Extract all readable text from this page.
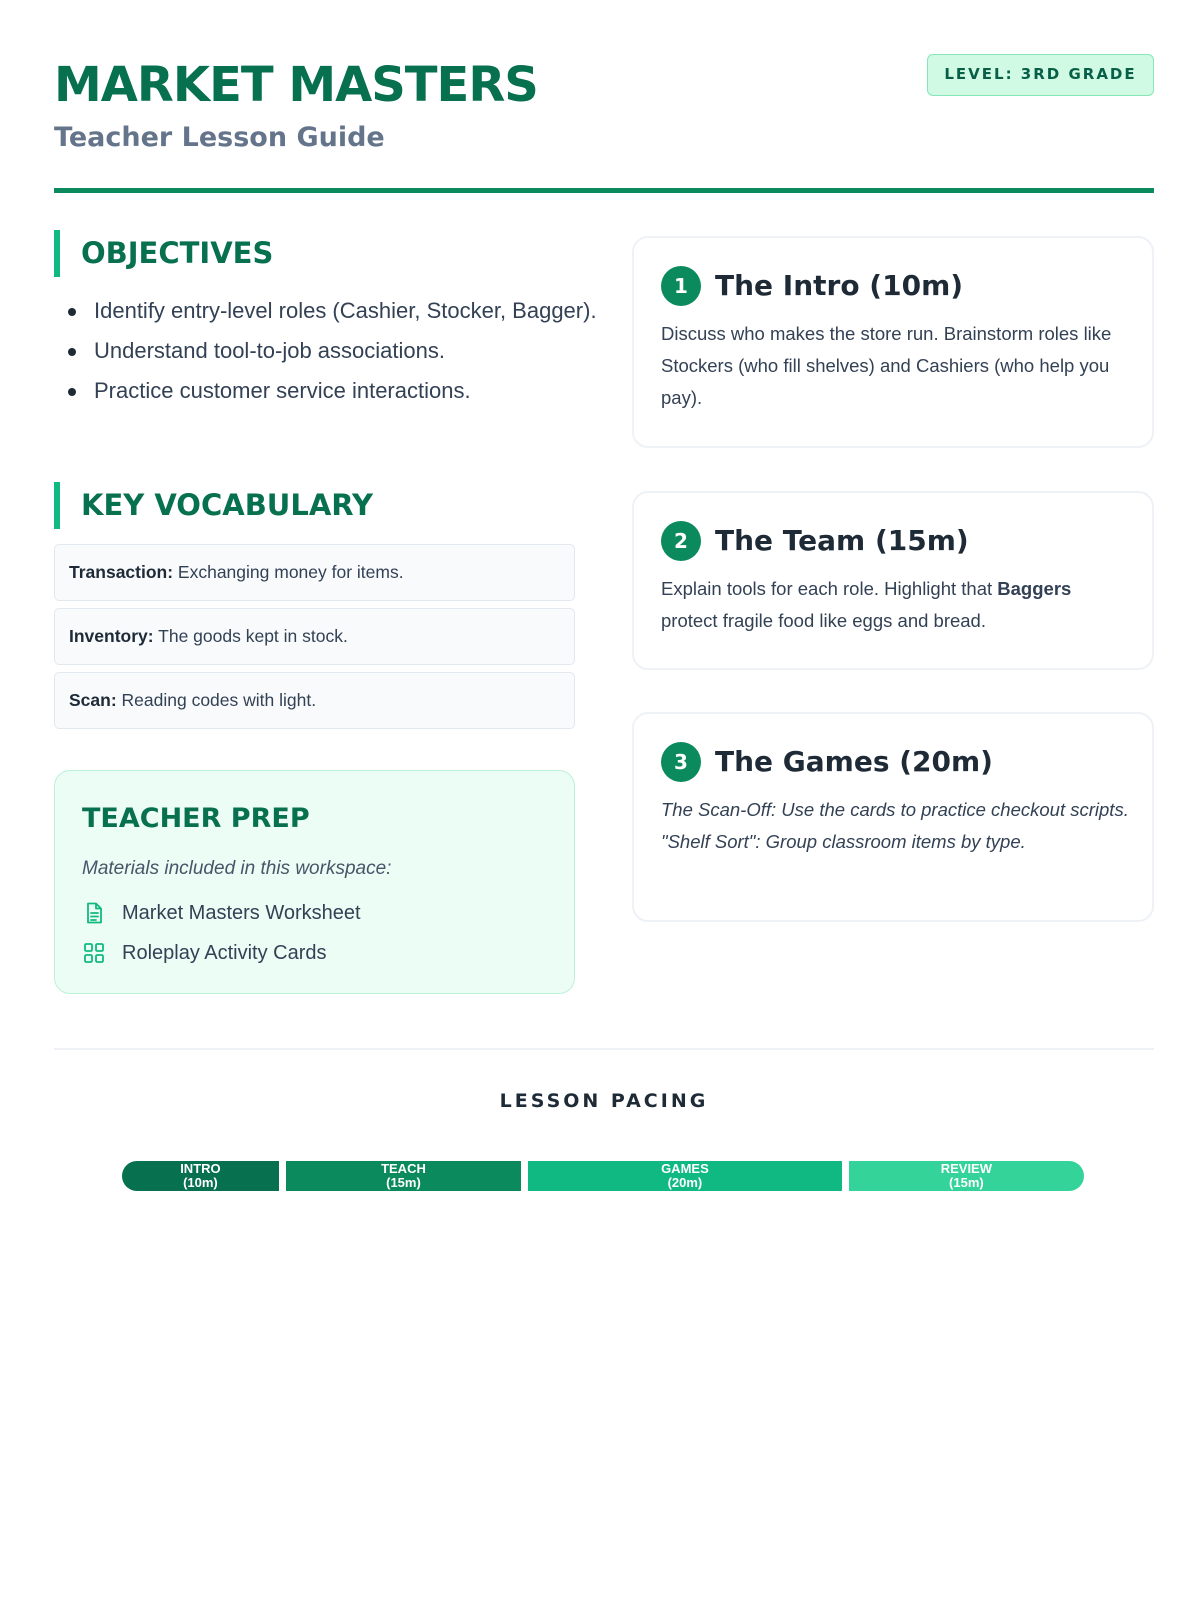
MARKET MASTERS
Teacher Lesson Guide
LEVEL: 3RD GRADE
OBJECTIVES
Identify entry-level roles (Cashier, Stocker, Bagger).
Understand tool-to-job associations.
Practice customer service interactions.
KEY VOCABULARY
Transaction: Exchanging money for items.
Inventory: The goods kept in stock.
Scan: Reading codes with light.
TEACHER PREP
Materials included in this workspace:
Market Masters Worksheet
Roleplay Activity Cards
1 The Intro (10m)
Discuss who makes the store run. Brainstorm roles like Stockers (who fill shelves) and Cashiers (who help you pay).
2 The Team (15m)
Explain tools for each role. Highlight that Baggers protect fragile food like eggs and bread.
3 The Games (20m)
The Scan-Off: Use the cards to practice checkout scripts. "Shelf Sort": Group classroom items by type.
LESSON PACING
INTRO
(10m)
TEACH
(15m)
GAMES
(20m)
REVIEW
(15m)
